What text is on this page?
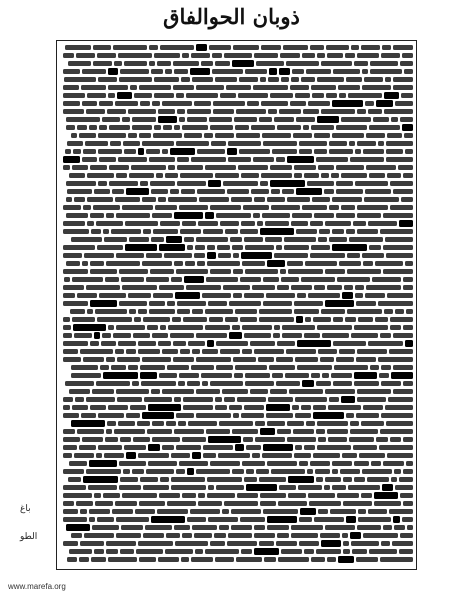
ذوبان الحوالفاق
باغ
الطو
www.marefa.org
